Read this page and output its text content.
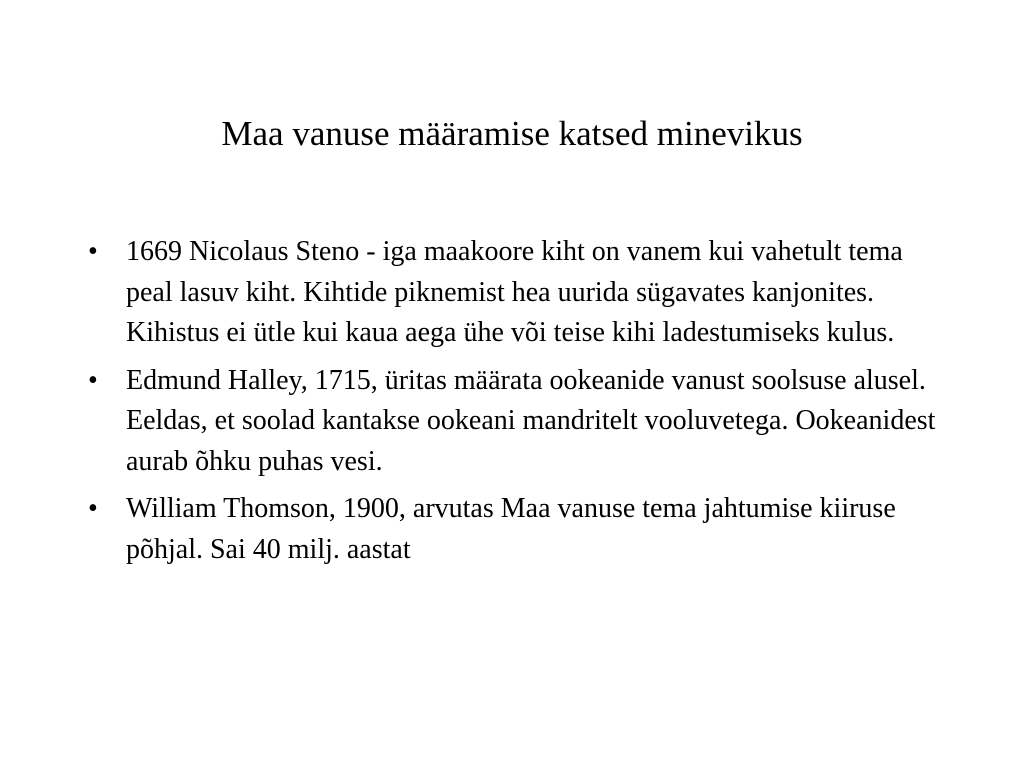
Maa vanuse määramise katsed minevikus
•	1669 Nicolaus Steno - iga maakoore kiht on vanem kui vahetult tema peal lasuv kiht. Kihtide piknemist hea uurida sügavates kanjonites. Kihistus ei ütle kui kaua aega ühe või teise kihi ladestumiseks kulus.
•	Edmund Halley, 1715, üritas määrata ookeanide vanust soolsuse alusel. Eeldas, et soolad kantakse ookeani mandritelt vooluvetega. Ookeanidest aurab õhku puhas vesi.
•	William Thomson, 1900, arvutas Maa vanuse tema jahtumise kiiruse põhjal. Sai 40 milj. aastat
